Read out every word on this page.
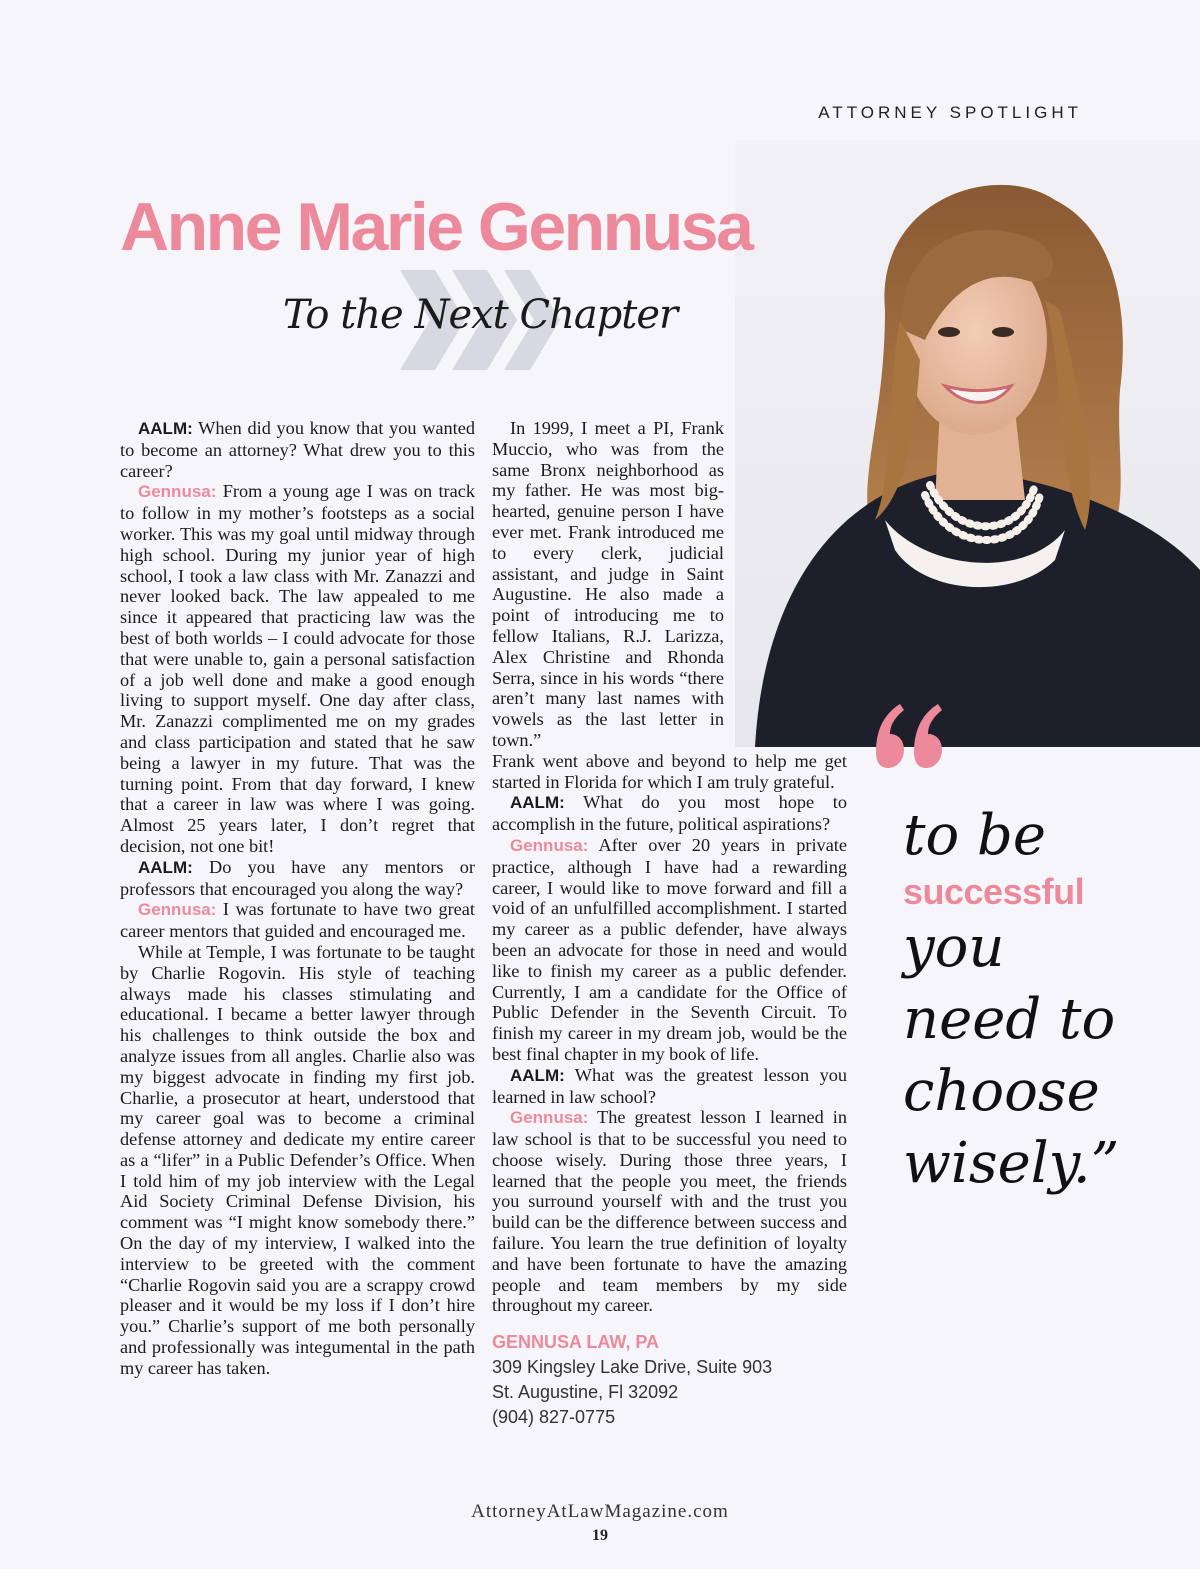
ATTORNEY SPOTLIGHT
Anne Marie Gennusa
To the Next Chapter

AALM: When did you know that you wanted to become an attorney? What drew you to this career?

Gennusa: From a young age I was on track to follow in my mother’s footsteps as a social worker. This was my goal until midway through high school. During my junior year of high school, I took a law class with Mr. Zanazzi and never looked back. The law appealed to me since it appeared that practicing law was the best of both worlds – I could advocate for those that were unable to, gain a personal satisfaction of a job well done and make a good enough living to support myself. One day after class, Mr. Zanazzi complimented me on my grades and class participation and stated that he saw being a lawyer in my future. That was the turning point. From that day forward, I knew that a career in law was where I was going. Almost 25 years later, I don’t regret that decision, not one bit!

AALM: Do you have any mentors or professors that encouraged you along the way?

Gennusa: I was fortunate to have two great career mentors that guided and encouraged me.

While at Temple, I was fortunate to be taught by Charlie Rogovin. His style of teaching always made his classes stimulating and educational. I became a better lawyer through his challenges to think outside the box and analyze issues from all angles. Charlie also was my biggest advocate in finding my first job. Charlie, a prosecutor at heart, understood that my career goal was to become a criminal defense attorney and dedicate my entire career as a “lifer” in a Public Defender’s Office. When I told him of my job interview with the Legal Aid Society Criminal Defense Division, his comment was “I might know somebody there.” On the day of my interview, I walked into the interview to be greeted with the comment “Charlie Rogovin said you are a scrappy crowd pleaser and it would be my loss if I don’t hire you.” Charlie’s support of me both personally and professionally was integumental in the path my career has taken.

In 1999, I meet a PI, Frank Muccio, who was from the same Bronx neighborhood as my father. He was most big-hearted, genuine person I have ever met. Frank introduced me to every clerk, judicial assistant, and judge in Saint Augustine. He also made a point of introducing me to fellow Italians, R.J. Larizza, Alex Christine and Rhonda Serra, since in his words “there aren’t many last names with vowels as the last letter in town.”

Frank went above and beyond to help me get started in Florida for which I am truly grateful.

AALM: What do you most hope to accomplish in the future, political aspirations?

Gennusa: After over 20 years in private practice, although I have had a rewarding career, I would like to move forward and fill a void of an unfulfilled accomplishment. I started my career as a public defender, have always been an advocate for those in need and would like to finish my career as a public defender. Currently, I am a candidate for the Office of Public Defender in the Seventh Circuit. To finish my career in my dream job, would be the best final chapter in my book of life.

AALM: What was the greatest lesson you learned in law school?

Gennusa: The greatest lesson I learned in law school is that to be successful you need to choose wisely. During those three years, I learned that the people you meet, the friends you surround yourself with and the trust you build can be the difference between success and failure. You learn the true definition of loyalty and have been fortunate to have the amazing people and team members by my side throughout my career.

GENNUSA LAW, PA
309 Kingsley Lake Drive, Suite 903
St. Augustine, Fl 32092
(904) 827-0775
to be
successful
you
need to
choose
wisely.”
AttorneyAtLawMagazine.com
19
